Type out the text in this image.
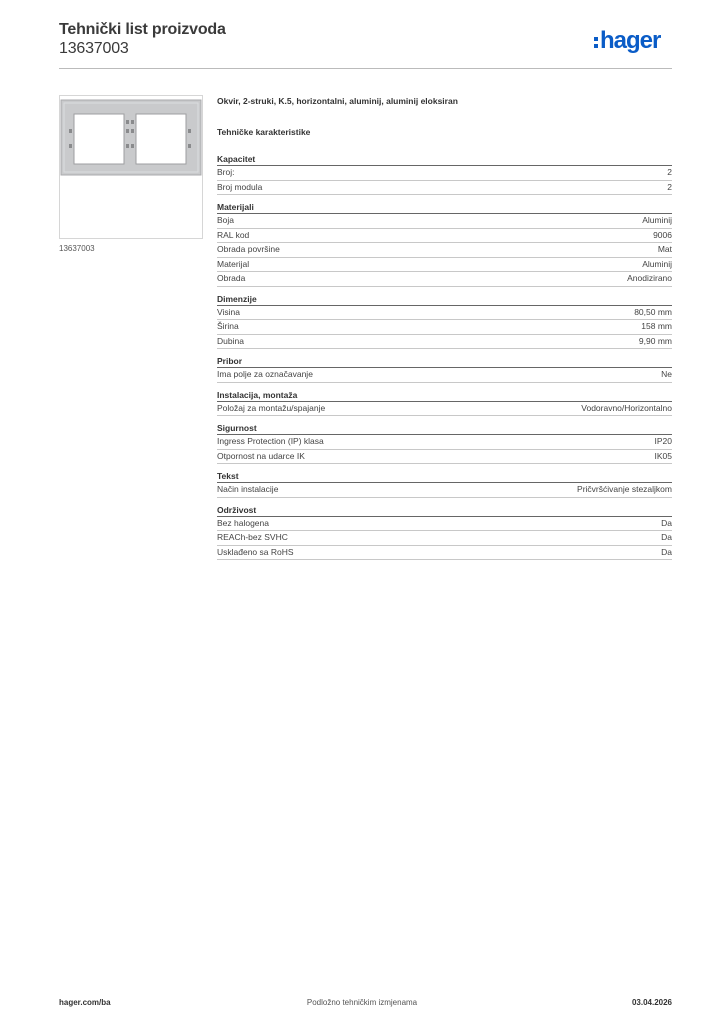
Tehnički list proizvoda
13637003	hager
13637003
Okvir, 2-struki, K.5, horizontalni, aluminij, aluminij eloksiran
Tehničke karakteristike
Kapacitet
Broj:	2
Broj modula	2
Materijali
Boja	Aluminij
RAL kod	9006
Obrada površine	Mat
Materijal	Aluminij
Obrada	Anodizirano
Dimenzije
Visina	80,50 mm
Širina	158 mm
Dubina	9,90 mm
Pribor
Ima polje za označavanje	Ne
Instalacija, montaža
Položaj za montažu/spajanje	Vodoravno/Horizontalno
Sigurnost
Ingress Protection (IP) klasa	IP20
Otpornost na udarce IK	IK05
Tekst
Način instalacije	Pričvršćivanje stezaljkom
Održivost
Bez halogena	Da
REACh-bez SVHC	Da
Usklađeno sa RoHS	Da
hager.com/ba	Podložno tehničkim izmjenama	03.04.2026
